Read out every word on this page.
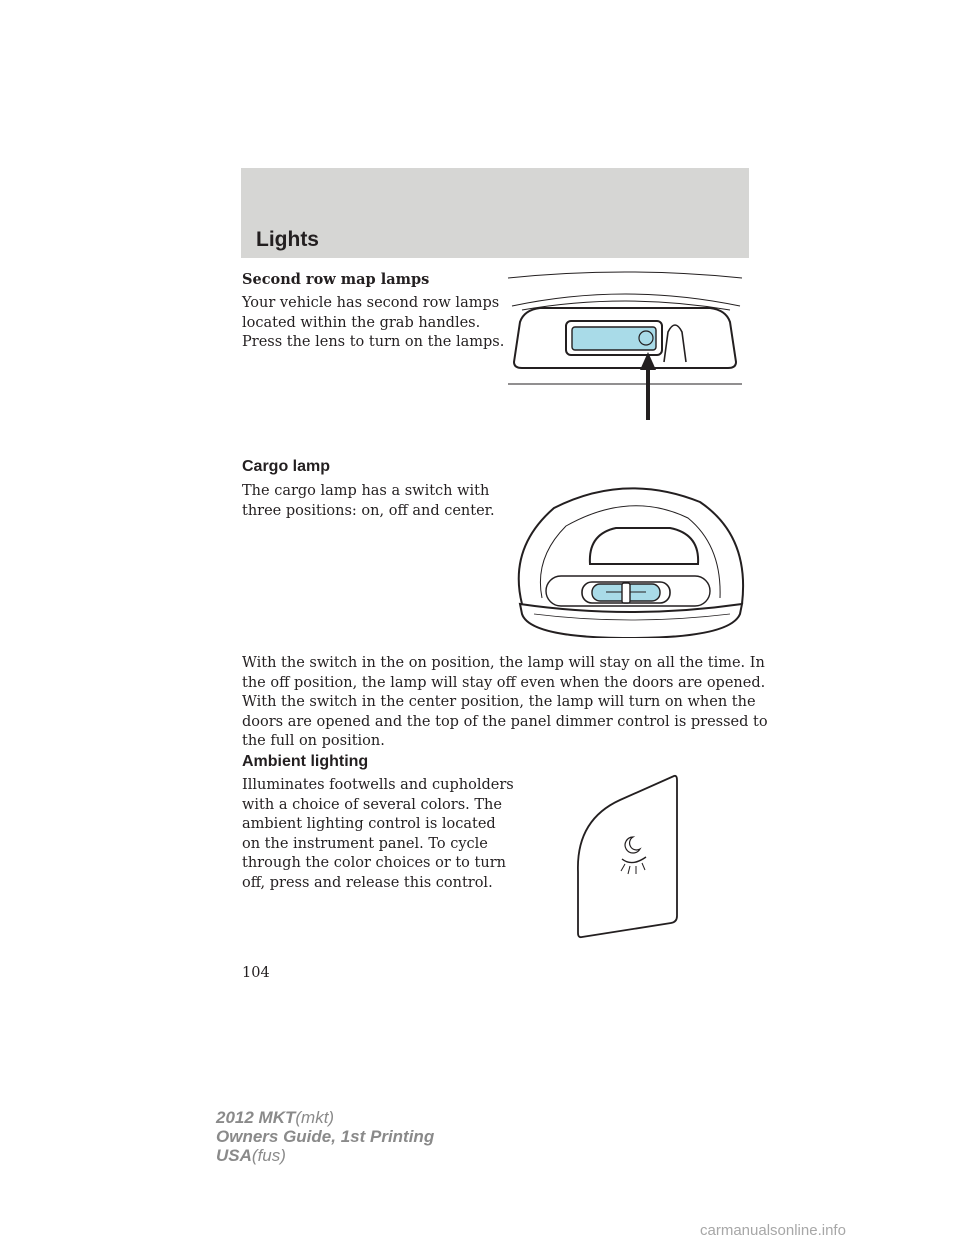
Lights
Second row map lamps

Your vehicle has second row lamps
located within the grab handles.
Press the lens to turn on the lamps.

Cargo lamp

The cargo lamp has a switch with
three positions: on, off and center.

With the switch in the on position, the lamp will stay on all the time. In
the off position, the lamp will stay off even when the doors are opened.
With the switch in the center position, the lamp will turn on when the
doors are opened and the top of the panel dimmer control is pressed to
the full on position.

Ambient lighting

Illuminates footwells and cupholders
with a choice of several colors. The
ambient lighting control is located
on the instrument panel. To cycle
through the color choices or to turn
off, press and release this control.

104
2012 MKT(mkt)
Owners Guide, 1st Printing
USA(fus)
carmanualsonline.info
